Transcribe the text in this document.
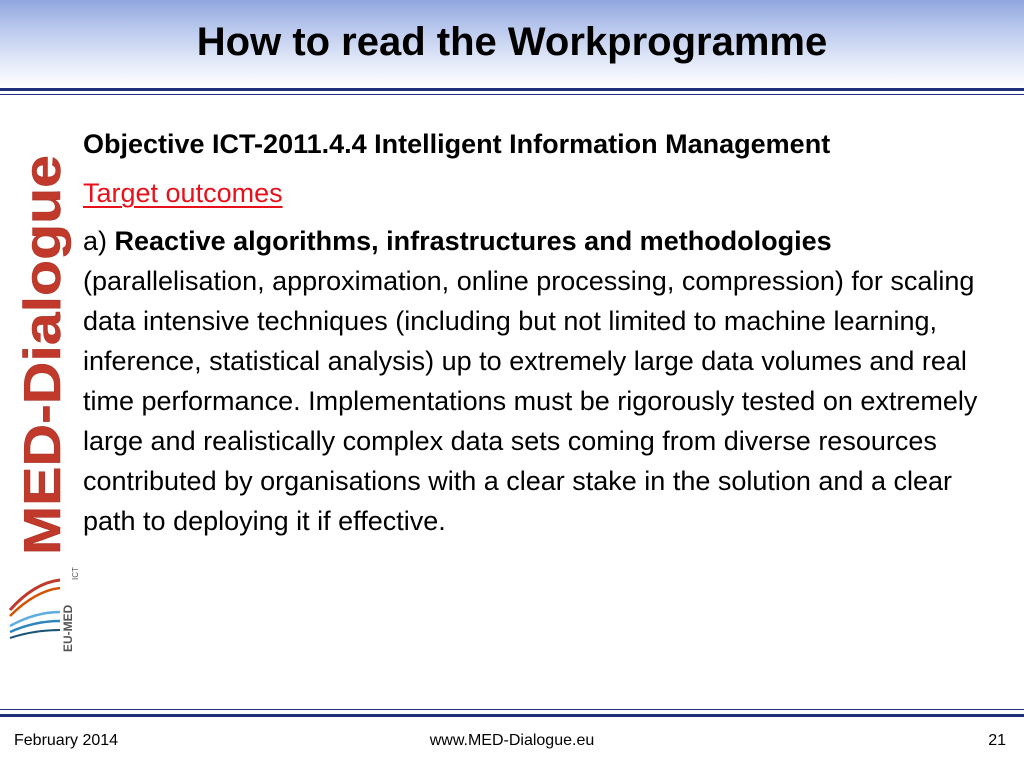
How to read the Workprogramme
MED-Dialogue
EU-MED
ICT

Objective ICT-2011.4.4 Intelligent Information Management

Target outcomes

a) Reactive algorithms, infrastructures and methodologies (parallelisation, approximation, online processing, compression) for scaling data intensive techniques (including but not limited to machine learning, inference, statistical analysis) up to extremely large data volumes and real time performance. Implementations must be rigorously tested on extremely large and realistically complex data sets coming from diverse resources contributed by organisations with a clear stake in the solution and a clear path to deploying it if effective.

February 2014	www.MED-Dialogue.eu	21
